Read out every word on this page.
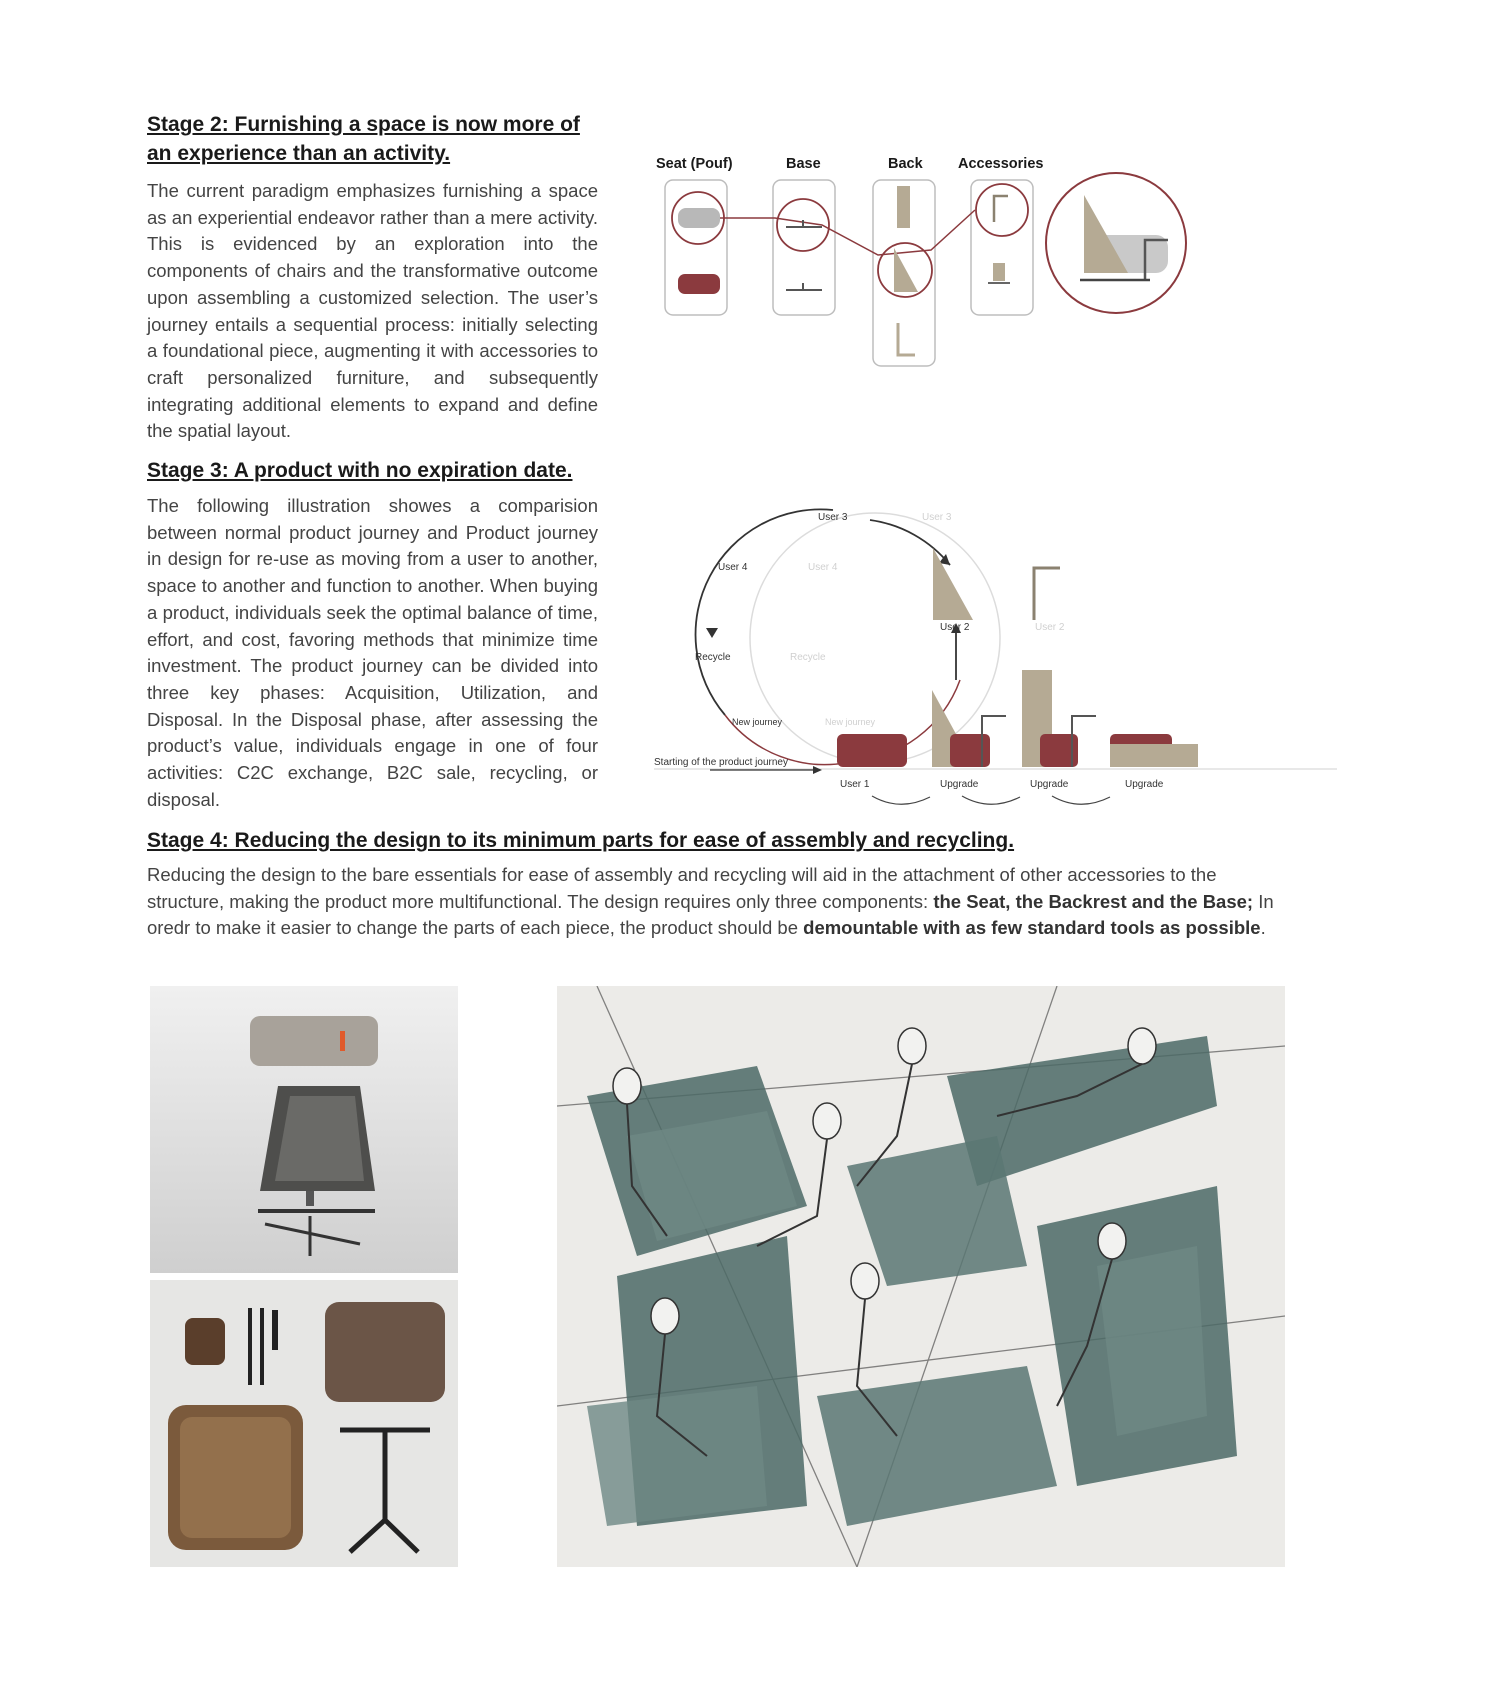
Stage 2: Furnishing a space is now more of an experience than an activity.

The current paradigm emphasizes furnishing a space as an experiential endeavor rather than a mere activity. This is evidenced by an exploration into the components of chairs and the transformative outcome upon assembling a customized selection. The user’s journey entails a sequential process: initially selecting a foundational piece, augmenting it with accessories to craft personalized furniture, and subsequently integrating additional elements to expand and define the spatial layout.

Seat (Pouf)	Base	Back Accessories
Stage 3: A product with no expiration date.

The following illustration showes a comparision between normal product journey and Product journey in design for re-use as moving from a user to another, space to another and function to another. When buying a product, individuals seek the optimal balance of time, effort, and cost, favoring methods that minimize time investment. The product journey can be divided into three key phases: Acquisition, Utilization, and Disposal. In the Disposal phase, after assessing the product’s value, individuals engage in one of four activities: C2C exchange, B2C sale, recycling, or disposal.

User 3
User 4
Recycle
New journey
User 2
User 3
User 4
Recycle
New journey
User 2
Starting of the product journey
User 1	Upgrade	Upgrade	Upgrade
Stage 4: Reducing the design to its minimum parts for ease of assembly and recycling.

Reducing the design to the bare essentials for ease of assembly and recycling will aid in the attachment of other accessories to the structure, making the product more multifunctional. The design requires only three components: the Seat, the Backrest and the Base; In oredr to make it easier to change the parts of each piece, the product should be demountable with as few standard tools as possible.
